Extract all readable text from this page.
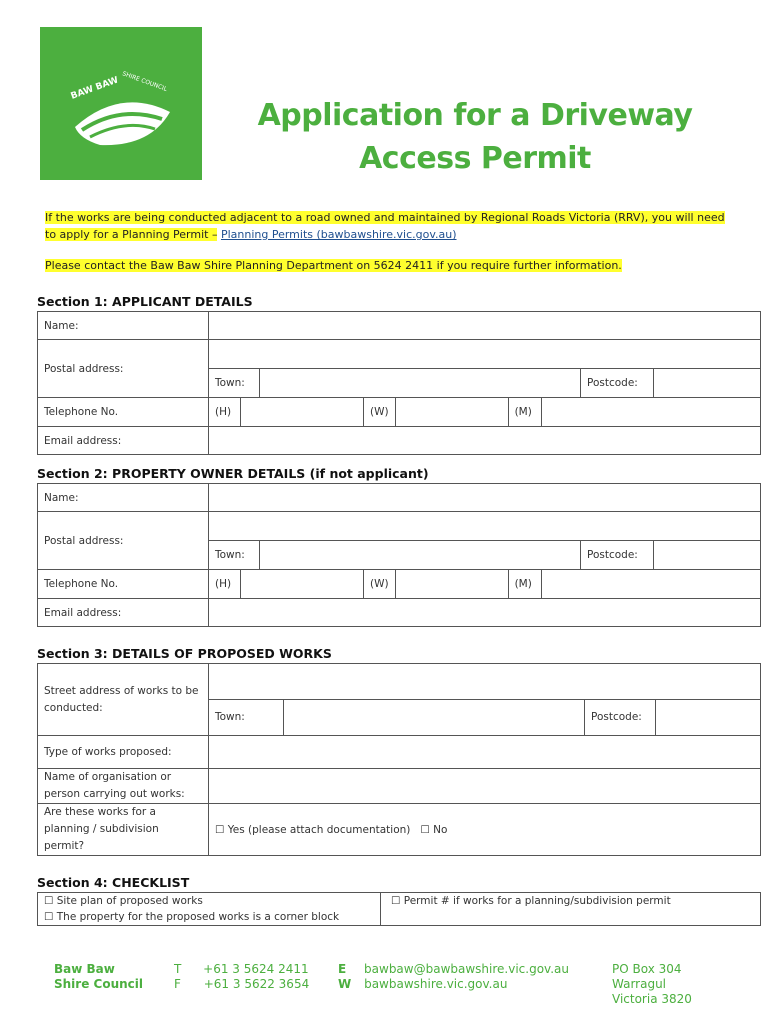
BAW BAW SHIRE COUNCIL
Application for a Driveway
Access Permit
If the works are being conducted adjacent to a road owned and maintained by Regional Roads Victoria (RRV), you will need to apply for a Planning Permit – Planning Permits (bawbawshire.vic.gov.au)
Please contact the Baw Baw Shire Planning Department on 5624 2411 if you require further information.
Section 1: APPLICANT DETAILS
Name:	
Postal address:	

Town:		Postcode:	

Telephone No.		(H)		(W)		(M)	

Email address:	
Section 2: PROPERTY OWNER DETAILS (if not applicant)
Name:	
Postal address:	

Town:		Postcode:	

Telephone No.		(H)		(W)		(M)	

Email address:	
Section 3: DETAILS OF PROPOSED WORKS
Street address of works to be conducted:	

Town:		Postcode:	

Type of works proposed:	
Name of organisation or person carrying out works:	
Are these works for a planning / subdivision permit?	☐ Yes (please attach documentation) ☐ No
Section 4: CHECKLIST
☐ Site plan of proposed works	☐ Permit # if works for a planning/subdivision permit
☐ The property for the proposed works is a corner block	
Baw Baw
Shire Council
T +61 3 5624 2411
F +61 3 5622 3654
E bawbaw@bawbawshire.vic.gov.au
W bawbawshire.vic.gov.au
PO Box 304
Warragul
Victoria 3820
